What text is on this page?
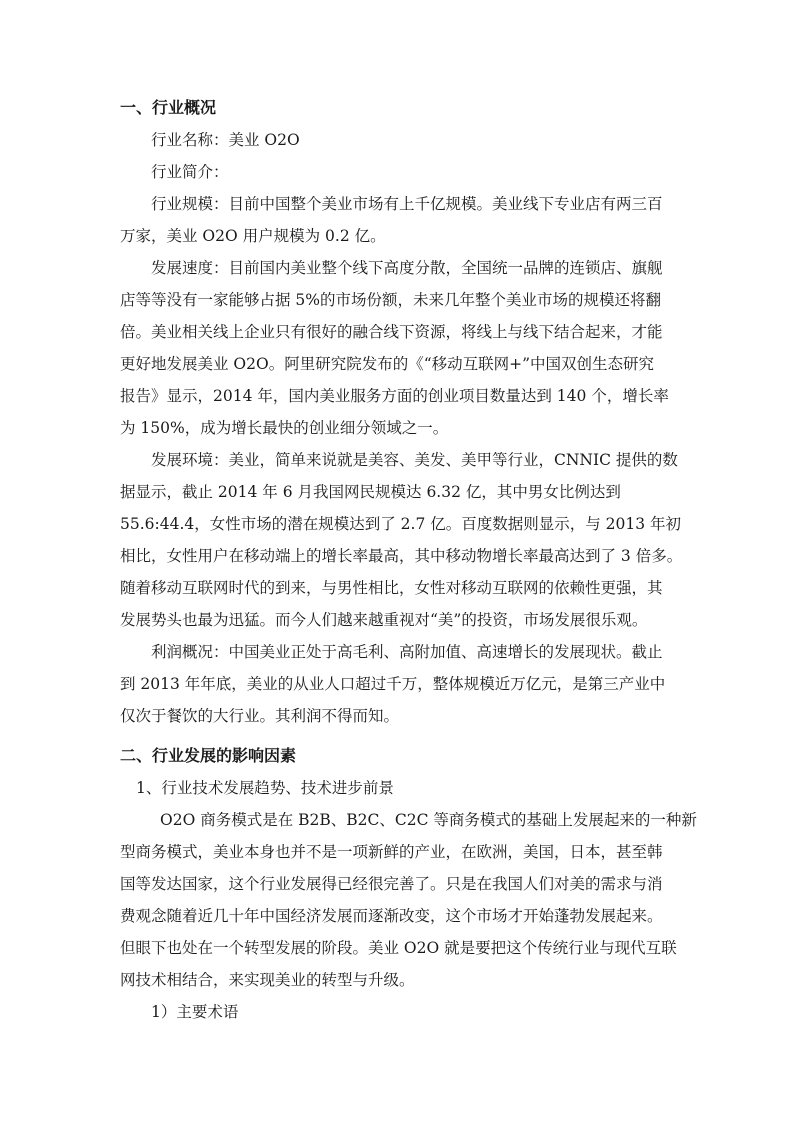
一、行业概况
行业名称：美业 O2O
行业简介：
行业规模：目前中国整个美业市场有上千亿规模。美业线下专业店有两三百
万家，美业 O2O 用户规模为 0.2 亿。
发展速度：目前国内美业整个线下高度分散，全国统一品牌的连锁店、旗舰
店等等没有一家能够占据 5%的市场份额，未来几年整个美业市场的规模还将翻
倍。美业相关线上企业只有很好的融合线下资源，将线上与线下结合起来，才能
更好地发展美业 O2O。阿里研究院发布的《“移动互联网+”中国双创生态研究
报告》显示，2014 年，国内美业服务方面的创业项目数量达到 140 个，增长率
为 150%，成为增长最快的创业细分领域之一。
发展环境：美业，简单来说就是美容、美发、美甲等行业，CNNIC 提供的数
据显示，截止 2014 年 6 月我国网民规模达 6.32 亿，其中男女比例达到
55.6:44.4，女性市场的潜在规模达到了 2.7 亿。百度数据则显示，与 2013 年初
相比，女性用户在移动端上的增长率最高，其中移动物增长率最高达到了 3 倍多。
随着移动互联网时代的到来，与男性相比，女性对移动互联网的依赖性更强，其
发展势头也最为迅猛。而今人们越来越重视对“美”的投资，市场发展很乐观。
利润概况：中国美业正处于高毛利、高附加值、高速增长的发展现状。截止
到 2013 年年底，美业的从业人口超过千万，整体规模近万亿元，是第三产业中
仅次于餐饮的大行业。其利润不得而知。
二、行业发展的影响因素
1、行业技术发展趋势、技术进步前景
O2O 商务模式是在 B2B、B2C、C2C 等商务模式的基础上发展起来的一种新
型商务模式，美业本身也并不是一项新鲜的产业，在欧洲，美国，日本，甚至韩
国等发达国家，这个行业发展得已经很完善了。只是在我国人们对美的需求与消
费观念随着近几十年中国经济发展而逐渐改变，这个市场才开始蓬勃发展起来。
但眼下也处在一个转型发展的阶段。美业 O2O 就是要把这个传统行业与现代互联
网技术相结合，来实现美业的转型与升级。
1）主要术语
